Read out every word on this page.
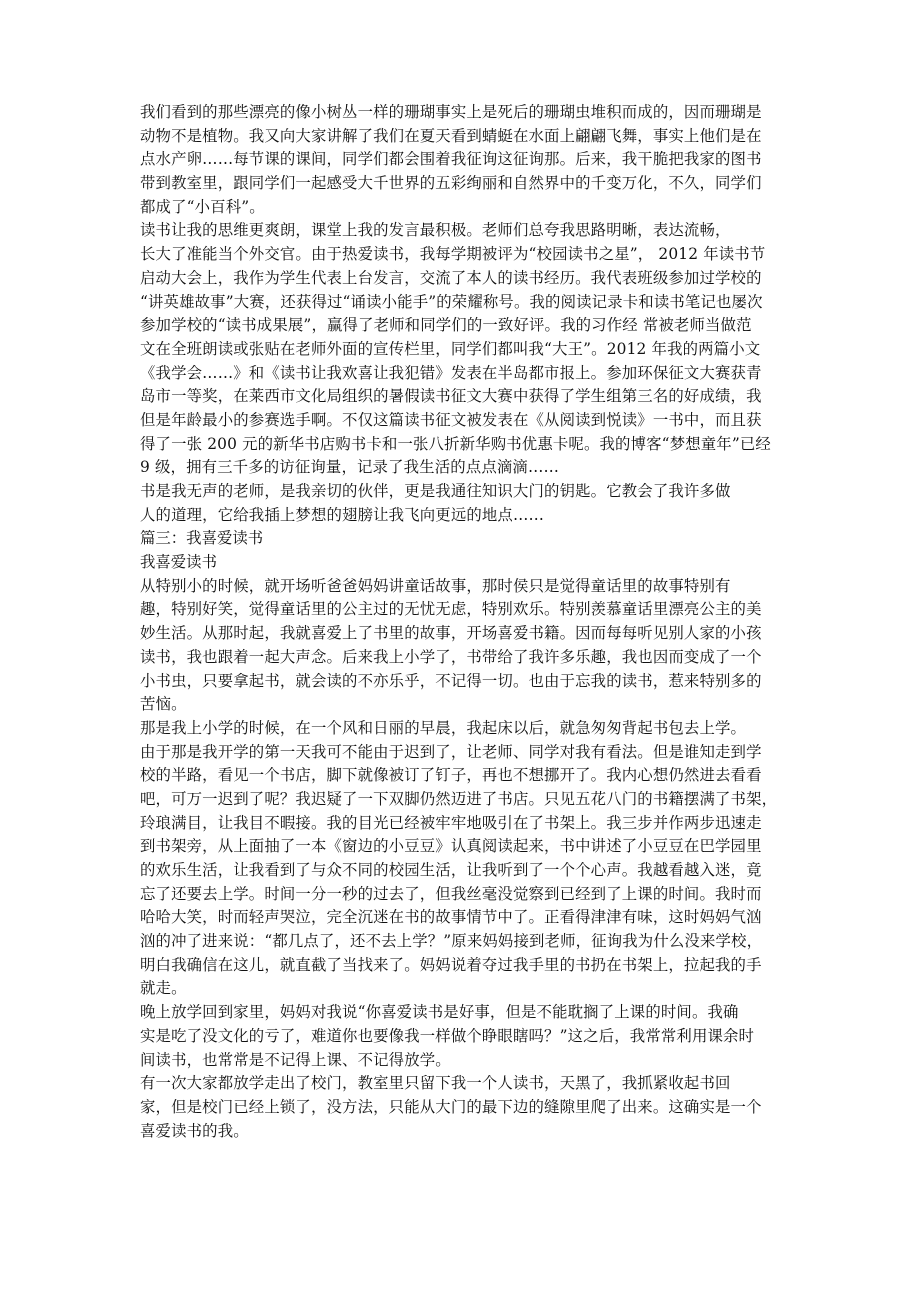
我们看到的那些漂亮的像小树丛一样的珊瑚事实上是死后的珊瑚虫堆积而成的，因而珊瑚是
动物不是植物。我又向大家讲解了我们在夏天看到蜻蜓在水面上翩翩飞舞，事实上他们是在
点水产卵……每节课的课间，同学们都会围着我征询这征询那。后来，我干脆把我家的图书
带到教室里，跟同学们一起感受大千世界的五彩绚丽和自然界中的千变万化，不久，同学们
都成了“小百科”。
读书让我的思维更爽朗，课堂上我的发言最积极。老师们总夸我思路明晰，表达流畅，
长大了准能当个外交官。由于热爱读书，我每学期被评为“校园读书之星”， 2012 年读书节
启动大会上，我作为学生代表上台发言，交流了本人的读书经历。我代表班级参加过学校的
“讲英雄故事”大赛，还获得过“诵读小能手”的荣耀称号。我的阅读记录卡和读书笔记也屡次
参加学校的“读书成果展”，赢得了老师和同学们的一致好评。我的习作经 常被老师当做范
文在全班朗读或张贴在老师外面的宣传栏里，同学们都叫我“大王”。2012 年我的两篇小文
《我学会……》和《读书让我欢喜让我犯错》发表在半岛都市报上。参加环保征文大赛获青
岛市一等奖，在莱西市文化局组织的暑假读书征文大赛中获得了学生组第三名的好成绩，我
但是年龄最小的参赛选手啊。不仅这篇读书征文被发表在《从阅读到悦读》一书中，而且获
得了一张 200 元的新华书店购书卡和一张八折新华购书优惠卡呢。我的博客“梦想童年”已经
9 级，拥有三千多的访征询量，记录了我生活的点点滴滴……
书是我无声的老师，是我亲切的伙伴，更是我通往知识大门的钥匙。它教会了我许多做
人的道理，它给我插上梦想的翅膀让我飞向更远的地点……
篇三：我喜爱读书
我喜爱读书
从特别小的时候，就开场听爸爸妈妈讲童话故事，那时侯只是觉得童话里的故事特别有
趣，特别好笑，觉得童话里的公主过的无忧无虑，特别欢乐。特别羡慕童话里漂亮公主的美
妙生活。从那时起，我就喜爱上了书里的故事，开场喜爱书籍。因而每每听见别人家的小孩
读书，我也跟着一起大声念。后来我上小学了，书带给了我许多乐趣，我也因而变成了一个
小书虫，只要拿起书，就会读的不亦乐乎，不记得一切。也由于忘我的读书，惹来特别多的
苦恼。
那是我上小学的时候，在一个风和日丽的早晨，我起床以后，就急匆匆背起书包去上学。
由于那是我开学的第一天我可不能由于迟到了，让老师、同学对我有看法。但是谁知走到学
校的半路，看见一个书店，脚下就像被订了钉子，再也不想挪开了。我内心想仍然进去看看
吧，可万一迟到了呢？我迟疑了一下双脚仍然迈进了书店。只见五花八门的书籍摆满了书架，
玲琅满目，让我目不暇接。我的目光已经被牢牢地吸引在了书架上。我三步并作两步迅速走
到书架旁，从上面抽了一本《窗边的小豆豆》认真阅读起来，书中讲述了小豆豆在巴学园里
的欢乐生活，让我看到了与众不同的校园生活，让我听到了一个个心声。我越看越入迷，竟
忘了还要去上学。时间一分一秒的过去了，但我丝毫没觉察到已经到了上课的时间。我时而
哈哈大笑，时而轻声哭泣，完全沉迷在书的故事情节中了。正看得津津有味，这时妈妈气汹
汹的冲了进来说：“都几点了，还不去上学？”原来妈妈接到老师，征询我为什么没来学校，
明白我确信在这儿，就直截了当找来了。妈妈说着夺过我手里的书扔在书架上，拉起我的手
就走。
晚上放学回到家里，妈妈对我说“你喜爱读书是好事，但是不能耽搁了上课的时间。我确
实是吃了没文化的亏了，难道你也要像我一样做个睁眼瞎吗？”这之后，我常常利用课余时
间读书，也常常是不记得上课、不记得放学。
有一次大家都放学走出了校门，教室里只留下我一个人读书，天黑了，我抓紧收起书回
家，但是校门已经上锁了，没方法，只能从大门的最下边的缝隙里爬了出来。这确实是一个
喜爱读书的我。
